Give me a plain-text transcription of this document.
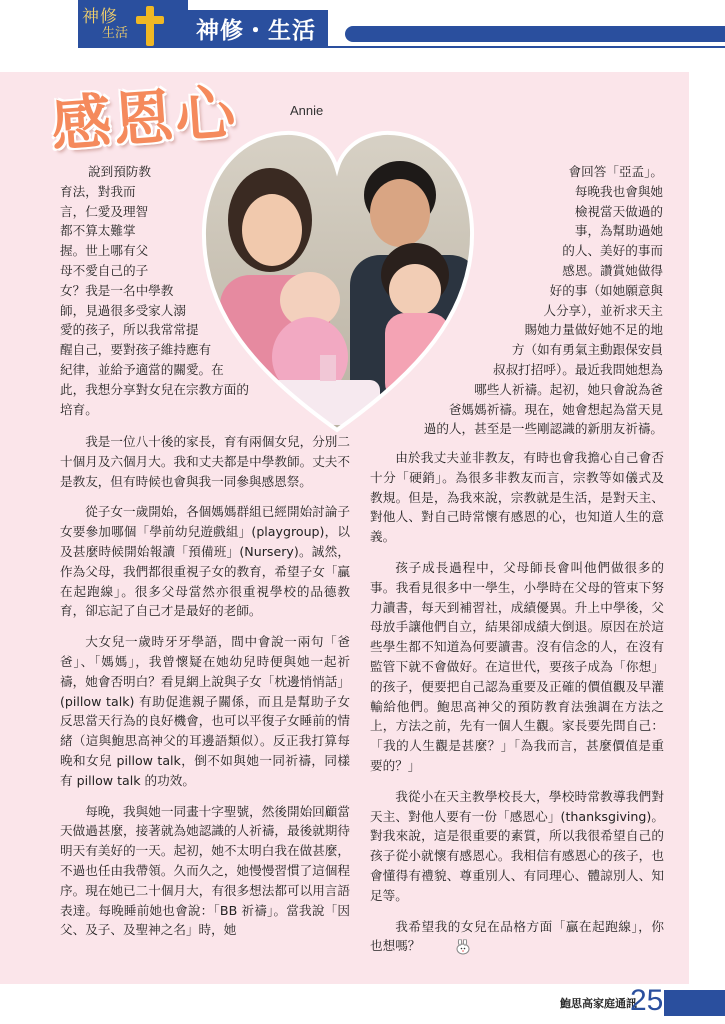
神修
生活	神修・生活
感恩心	Annie
說到預防教
育法，對我而
言，仁愛及理智
都不算太難掌
握。世上哪有父
母不愛自己的子
女？我是一名中學教
師，見過很多受家人溺
愛的孩子，所以我常常提
醒自己，要對孩子維持應有
紀律，並給予適當的關愛。在
此，我想分享對女兒在宗教方面的
培育。
會回答「亞孟」。
每晚我也會與她
檢視當天做過的
事，為幫助過她
的人、美好的事而
感恩。讚賞她做得
好的事（如她願意與
人分享），並祈求天主
賜她力量做好她不足的地
方（如有勇氣主動跟保安員
叔叔打招呼）。最近我問她想為
哪些人祈禱。起初，她只會說為爸
爸媽媽祈禱。現在，她會想起為當天見
過的人，甚至是一些剛認識的新朋友祈禱。

我是一位八十後的家長，育有兩個女兒，分別二十個月及六個月大。我和丈夫都是中學教師。丈夫不是教友，但有時候也會與我一同參與感恩祭。

從子女一歲開始，各個媽媽群組已經開始討論子女要參加哪個「學前幼兒遊戲組」(playgroup)，以及甚麼時候開始報讀「預備班」(Nursery)。誠然，作為父母，我們都很重視子女的教育，希望子女「贏在起跑線」。很多父母當然亦很重視學校的品德教育，卻忘記了自己才是最好的老師。

大女兒一歲時牙牙學語，間中會說一兩句「爸爸」、「媽媽」，我曾懷疑在她幼兒時便與她一起祈禱，她會否明白？看見網上說與子女「枕邊悄悄話」(pillow talk) 有助促進親子關係，而且是幫助子女反思當天行為的良好機會，也可以平復子女睡前的情緒（這與鮑思高神父的耳邊語類似）。反正我打算每晚和女兒 pillow talk，倒不如與她一同祈禱，同樣有 pillow talk 的功效。

每晚，我與她一同畫十字聖號，然後開始回顧當天做過甚麼，接著就為她認識的人祈禱，最後就期待明天有美好的一天。起初，她不太明白我在做甚麼，不過也任由我帶領。久而久之，她慢慢習慣了這個程序。現在她已二十個月大，有很多想法都可以用言語表達。每晚睡前她也會說：「BB 祈禱」。當我說「因父、及子、及聖神之名」時，她

由於我丈夫並非教友，有時也會我擔心自己會否十分「硬銷」。為很多非教友而言，宗教等如儀式及教規。但是，為我來說，宗教就是生活，是對天主、對他人、對自己時常懷有感恩的心，也知道人生的意義。

孩子成長過程中，父母師長會叫他們做很多的事。我看見很多中一學生，小學時在父母的管束下努力讀書，每天到補習社，成績優異。升上中學後，父母放手讓他們自立，結果卻成績大倒退。原因在於這些學生都不知道為何要讀書。沒有信念的人，在沒有監管下就不會做好。在這世代，要孩子成為「你想」的孩子，便要把自己認為重要及正確的價值觀及早灌輸給他們。鮑思高神父的預防教育法強調在方法之上，方法之前，先有一個人生觀。家長要先問自己：「我的人生觀是甚麼？」「為我而言，甚麼價值是重要的？」

我從小在天主教學校長大，學校時常教導我們對天主、對他人要有一份「感恩心」(thanksgiving)。對我來說，這是很重要的素質，所以我很希望自己的孩子從小就懷有感恩心。我相信有感恩心的孩子，也會懂得有禮貌、尊重別人、有同理心、體諒別人、知足等。

我希望我的女兒在品格方面「贏在起跑線」，你也想嗎？

鮑思高家庭通訊
25
